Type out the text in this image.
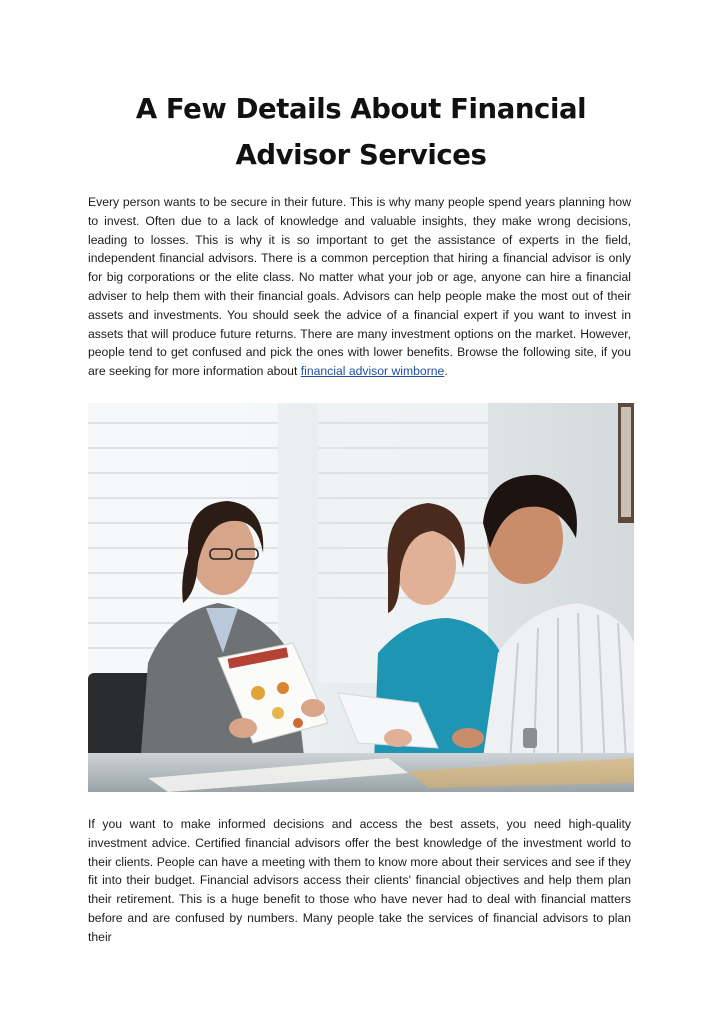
A Few Details About Financial Advisor Services
Every person wants to be secure in their future. This is why many people spend years planning how to invest. Often due to a lack of knowledge and valuable insights, they make wrong decisions, leading to losses. This is why it is so important to get the assistance of experts in the field, independent financial advisors. There is a common perception that hiring a financial advisor is only for big corporations or the elite class. No matter what your job or age, anyone can hire a financial adviser to help them with their financial goals. Advisors can help people make the most out of their assets and investments. You should seek the advice of a financial expert if you want to invest in assets that will produce future returns. There are many investment options on the market. However, people tend to get confused and pick the ones with lower benefits. Browse the following site, if you are seeking for more information about financial advisor wimborne.
If you want to make informed decisions and access the best assets, you need high-quality investment advice. Certified financial advisors offer the best knowledge of the investment world to their clients. People can have a meeting with them to know more about their services and see if they fit into their budget. Financial advisors access their clients' financial objectives and help them plan their retirement. This is a huge benefit to those who have never had to deal with financial matters before and are confused by numbers. Many people take the services of financial advisors to plan their
